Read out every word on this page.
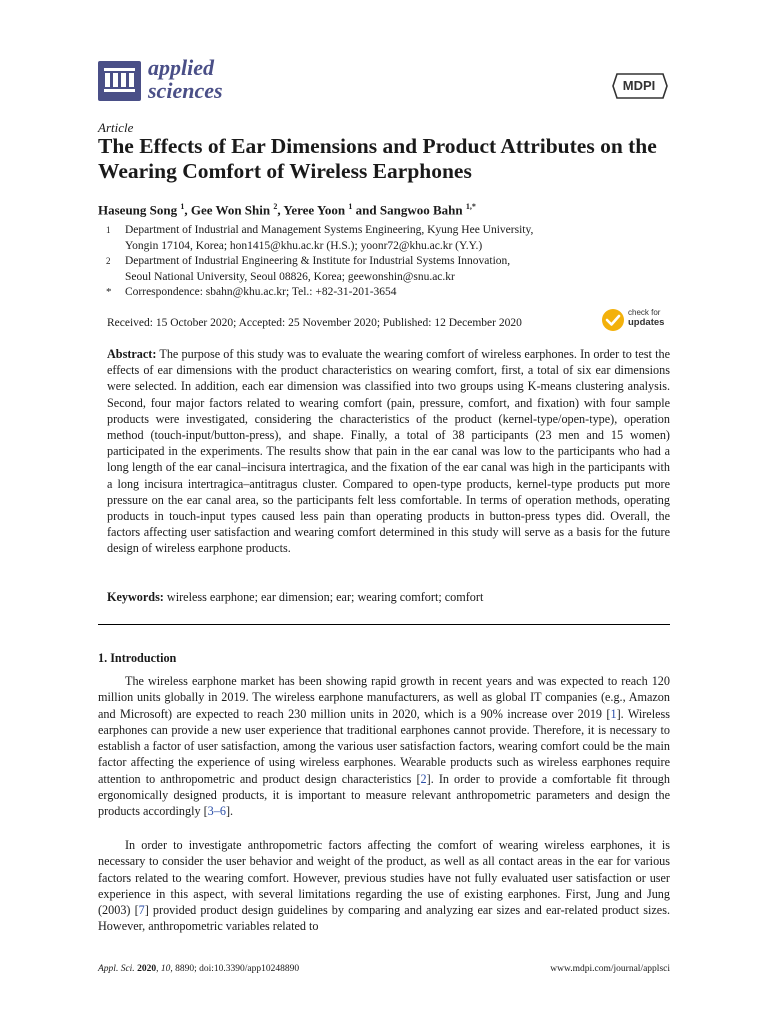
applied
sciences	MDPI
Article
The Effects of Ear Dimensions and Product Attributes on the Wearing Comfort of Wireless Earphones
Haseung Song $^1$, Gee Won Shin $^2$, Yeree Yoon $^1$ and Sangwoo Bahn $^{1,*}$
1 Department of Industrial and Management Systems Engineering, Kyung Hee University,
Yongin 17104, Korea; hon1415@khu.ac.kr (H.S.); yoonr72@khu.ac.kr (Y.Y.)
2 Department of Industrial Engineering & Institute for Industrial Systems Innovation,
Seoul National University, Seoul 08826, Korea; geewonshin@snu.ac.kr
* Correspondence: sbahn@khu.ac.kr; Tel.: +82-31-201-3654
Received: 15 October 2020; Accepted: 25 November 2020; Published: 12 December 2020
check for
updates

Abstract: The purpose of this study was to evaluate the wearing comfort of wireless earphones. In order to test the effects of ear dimensions with the product characteristics on wearing comfort, first, a total of six ear dimensions were selected. In addition, each ear dimension was classified into two groups using K-means clustering analysis. Second, four major factors related to wearing comfort (pain, pressure, comfort, and fixation) with four sample products were investigated, considering the characteristics of the product (kernel-type/open-type), operation method (touch-input/button-press), and shape. Finally, a total of 38 participants (23 men and 15 women) participated in the experiments. The results show that pain in the ear canal was low to the participants who had a long length of the ear canal–incisura intertragica, and the fixation of the ear canal was high in the participants with a long incisura intertragica–antitragus cluster. Compared to open-type products, kernel-type products put more pressure on the ear canal area, so the participants felt less comfortable. In terms of operation methods, operating products in touch-input types caused less pain than operating products in button-press types did. Overall, the factors affecting user satisfaction and wearing comfort determined in this study will serve as a basis for the future design of wireless earphone products.

Keywords: wireless earphone; ear dimension; ear; wearing comfort; comfort
1. Introduction

The wireless earphone market has been showing rapid growth in recent years and was expected to reach 120 million units globally in 2019. The wireless earphone manufacturers, as well as global IT companies (e.g., Amazon and Microsoft) are expected to reach 230 million units in 2020, which is a 90% increase over 2019 [1]. Wireless earphones can provide a new user experience that traditional earphones cannot provide. Therefore, it is necessary to establish a factor of user satisfaction, among the various user satisfaction factors, wearing comfort could be the main factor affecting the experience of using wireless earphones. Wearable products such as wireless earphones require attention to anthropometric and product design characteristics [2]. In order to provide a comfortable fit through ergonomically designed products, it is important to measure relevant anthropometric parameters and design the products accordingly [3–6].

In order to investigate anthropometric factors affecting the comfort of wearing wireless earphones, it is necessary to consider the user behavior and weight of the product, as well as all contact areas in the ear for various factors related to the wearing comfort. However, previous studies have not fully evaluated user satisfaction or user experience in this aspect, with several limitations regarding the use of existing earphones. First, Jung and Jung (2003) [7] provided product design guidelines by comparing and analyzing ear sizes and ear-related product sizes. However, anthropometric variables related to

Appl. Sci. 2020, 10, 8890; doi:10.3390/app10248890	www.mdpi.com/journal/applsci
